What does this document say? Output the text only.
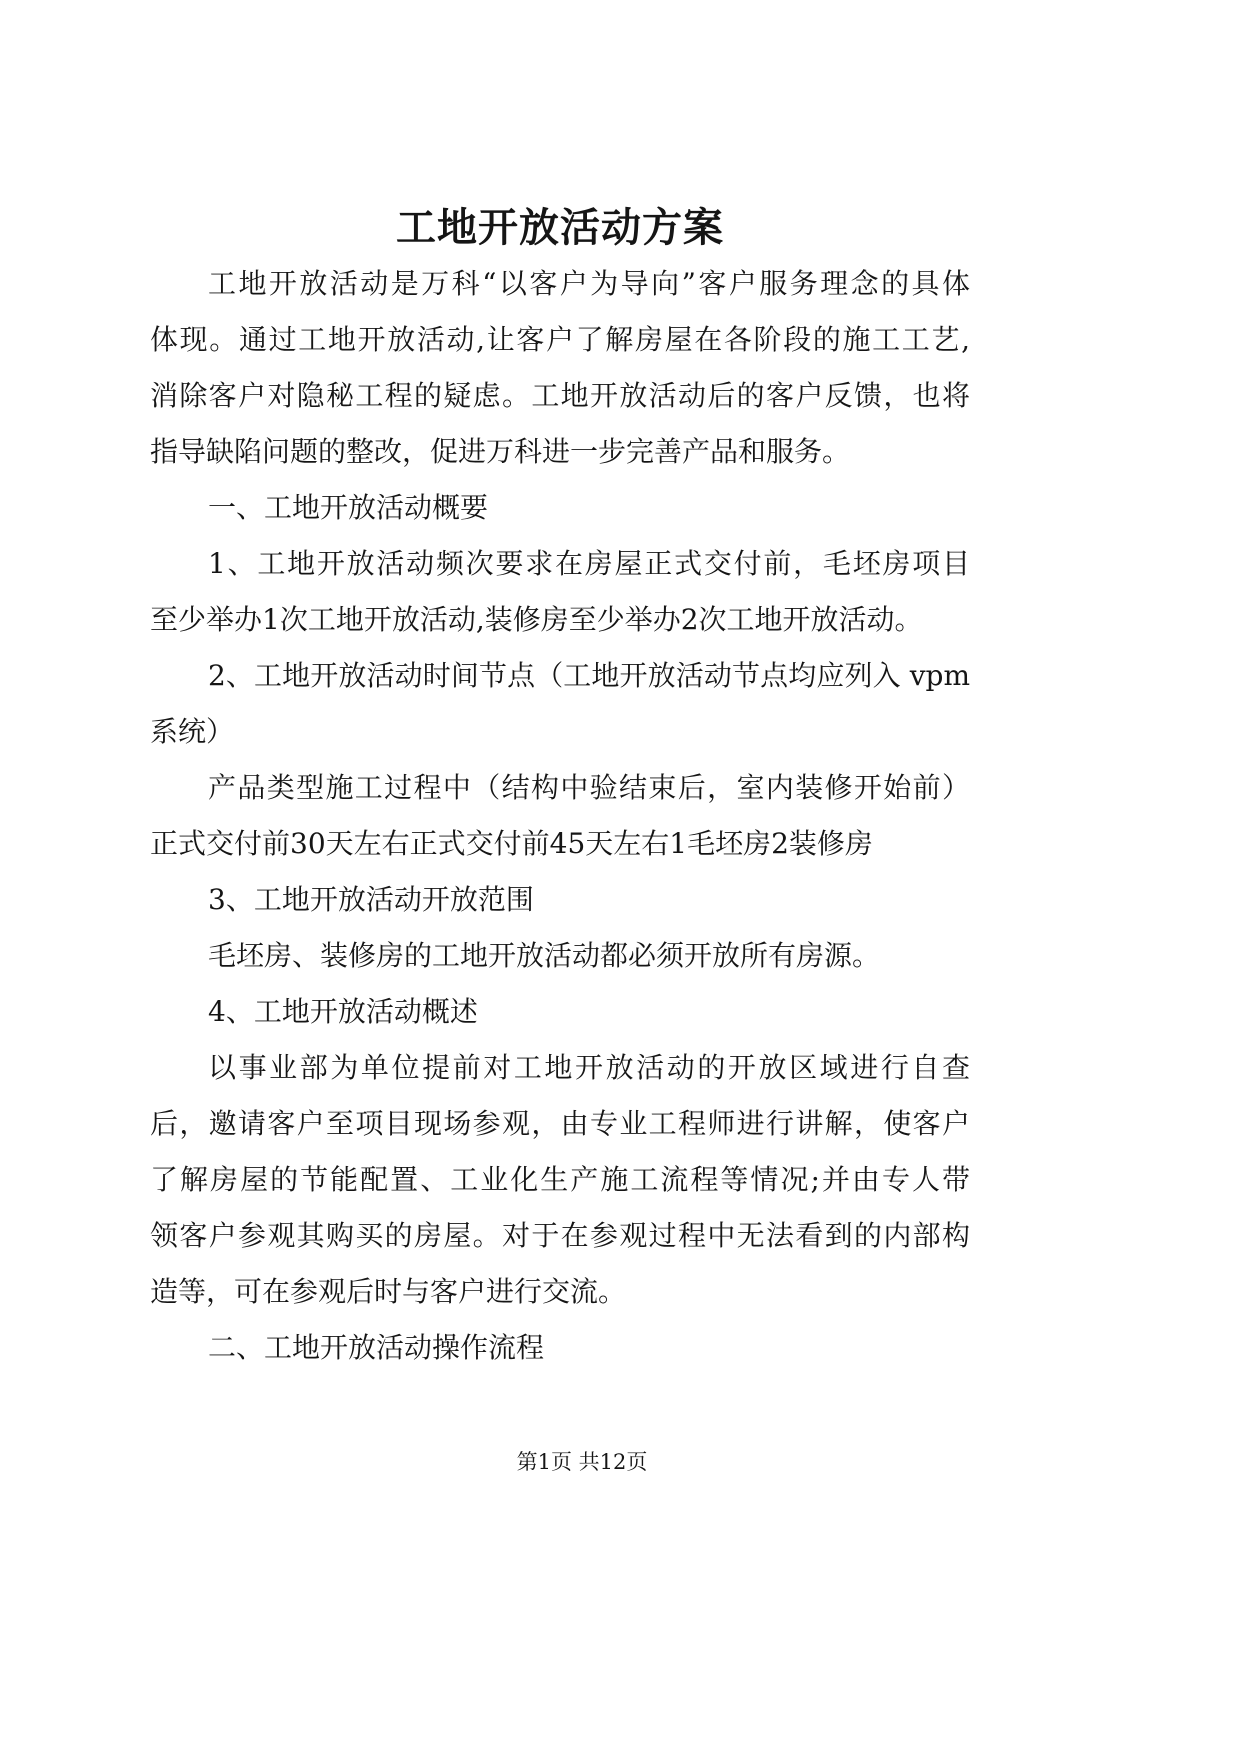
工地开放活动方案
工地开放活动是万科“以客户为导向”客户服务理念的具体
体现。通过工地开放活动,让客户了解房屋在各阶段的施工工艺,
消除客户对隐秘工程的疑虑。工地开放活动后的客户反馈，也将
指导缺陷问题的整改，促进万科进一步完善产品和服务。
一、工地开放活动概要
1、工地开放活动频次要求在房屋正式交付前，毛坯房项目
至少举办1次工地开放活动,装修房至少举办2次工地开放活动。
2、工地开放活动时间节点（工地开放活动节点均应列入 vpm
系统）
产品类型施工过程中（结构中验结束后，室内装修开始前）
正式交付前30天左右正式交付前45天左右1毛坯房2装修房
3、工地开放活动开放范围
毛坯房、装修房的工地开放活动都必须开放所有房源。
4、工地开放活动概述
以事业部为单位提前对工地开放活动的开放区域进行自查
后，邀请客户至项目现场参观，由专业工程师进行讲解，使客户
了解房屋的节能配置、工业化生产施工流程等情况;并由专人带
领客户参观其购买的房屋。对于在参观过程中无法看到的内部构
造等，可在参观后时与客户进行交流。
二、工地开放活动操作流程
第1页 共12页
